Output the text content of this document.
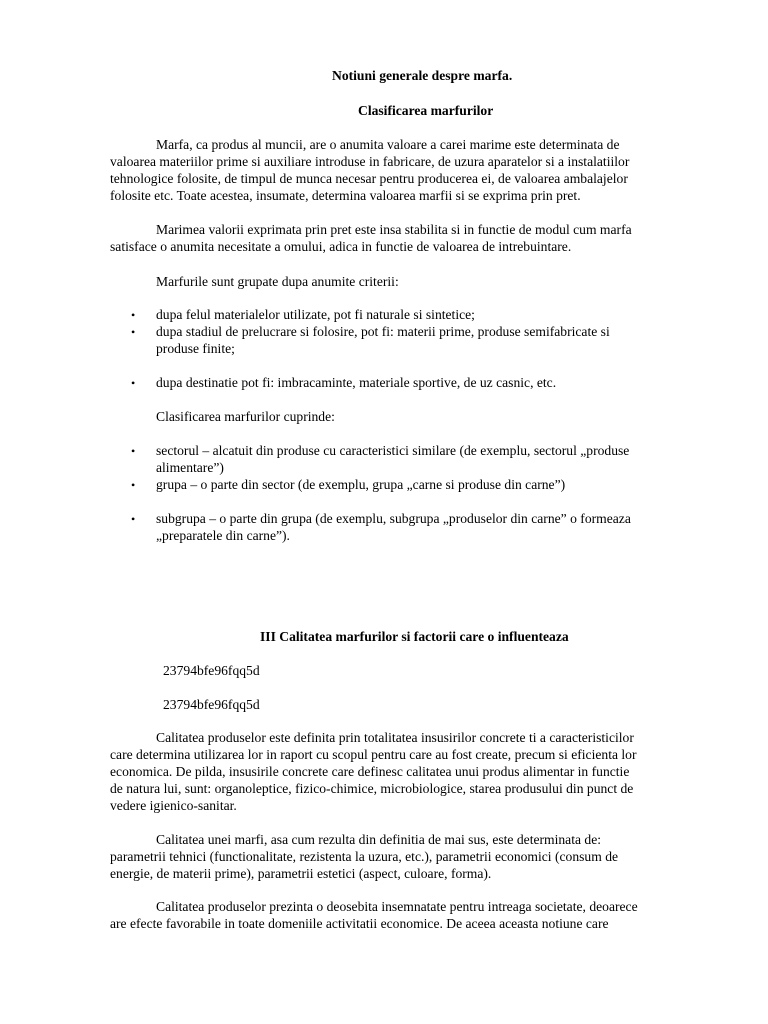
Notiuni generale despre marfa.
Clasificarea marfurilor
Marfa, ca produs al muncii, are o anumita valoare a carei marime este determinata de
valoarea materiilor prime si auxiliare introduse in fabricare, de uzura aparatelor si a instalatiilor
tehnologice folosite, de timpul de munca necesar pentru producerea ei, de valoarea ambalajelor
folosite etc. Toate acestea, insumate, determina valoarea marfii si se exprima prin pret.
Marimea valorii exprimata prin pret este insa stabilita si in functie de modul cum marfa
satisface o anumita necesitate a omului, adica in functie de valoarea de intrebuintare.
Marfurile sunt grupate dupa anumite criterii:
• dupa felul materialelor utilizate, pot fi naturale si sintetice;
• dupa stadiul de prelucrare si folosire, pot fi: materii prime, produse semifabricate si
produse finite;
• dupa destinatie pot fi: imbracaminte, materiale sportive, de uz casnic, etc.
Clasificarea marfurilor cuprinde:
• sectorul – alcatuit din produse cu caracteristici similare (de exemplu, sectorul „produse
alimentare”)
• grupa – o parte din sector (de exemplu, grupa „carne si produse din carne”)
• subgrupa – o parte din grupa (de exemplu, subgrupa „produselor din carne” o formeaza
„preparatele din carne”).
III Calitatea marfurilor si factorii care o influenteaza
23794bfe96fqq5d
23794bfe96fqq5d
Calitatea produselor este definita prin totalitatea insusirilor concrete ti a caracteristicilor
care determina utilizarea lor in raport cu scopul pentru care au fost create, precum si eficienta lor
economica. De pilda, insusirile concrete care definesc calitatea unui produs alimentar in functie
de natura lui, sunt: organoleptice, fizico-chimice, microbiologice, starea produsului din punct de
vedere igienico-sanitar.
Calitatea unei marfi, asa cum rezulta din definitia de mai sus, este determinata de:
parametrii tehnici (functionalitate, rezistenta la uzura, etc.), parametrii economici (consum de
energie, de materii prime), parametrii estetici (aspect, culoare, forma).
Calitatea produselor prezinta o deosebita insemnatate pentru intreaga societate, deoarece
are efecte favorabile in toate domeniile activitatii economice. De aceea aceasta notiune care
